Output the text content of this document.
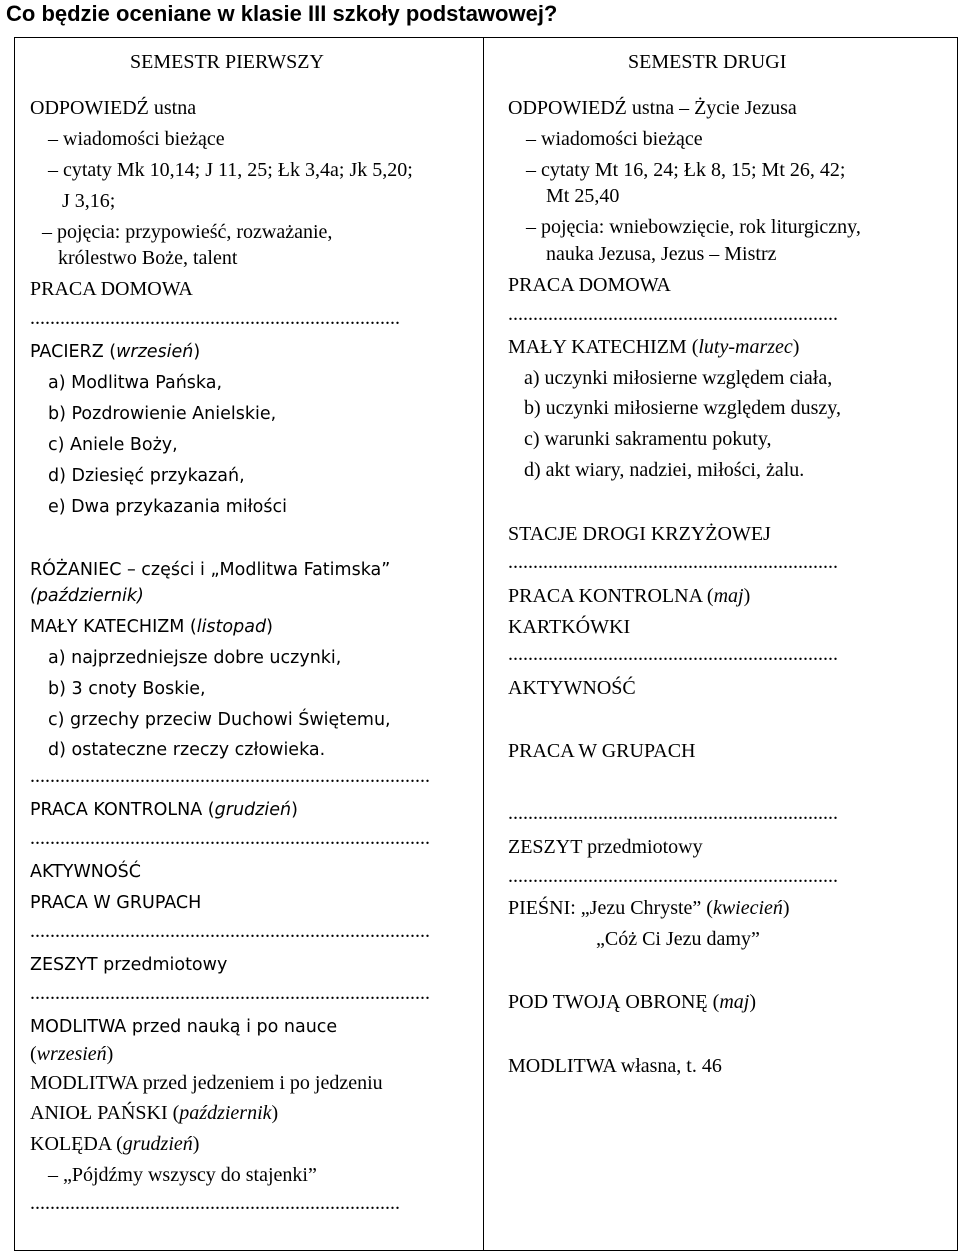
Co będzie oceniane w klasie III szkoły podstawowej?
SEMESTR PIERWSZY
ODPOWIEDŹ ustna
– wiadomości bieżące
– cytaty Mk 10,14; J 11, 25; Łk 3,4a; Jk 5,20;
J 3,16;
– pojęcia: przypowieść, rozważanie,
królestwo Boże, talent
PRACA DOMOWA
..........................................................................
PACIERZ (wrzesień)
a) Modlitwa Pańska,
b) Pozdrowienie Anielskie,
c) Aniele Boży,
d) Dziesięć przykazań,
e) Dwa przykazania miłości
RÓŻANIEC – części i „Modlitwa Fatimska”
(październik)
MAŁY KATECHIZM (listopad)
a) najprzedniejsze dobre uczynki,
b) 3 cnoty Boskie,
c) grzechy przeciw Duchowi Świętemu,
d) ostateczne rzeczy człowieka.
................................................................................
PRACA KONTROLNA (grudzień)
................................................................................
AKTYWNOŚĆ
PRACA W GRUPACH
................................................................................
ZESZYT przedmiotowy
................................................................................
MODLITWA przed nauką i po nauce
(wrzesień)
MODLITWA przed jedzeniem i po jedzeniu
ANIOŁ PAŃSKI (październik)
KOLĘDA (grudzień)
– „Pójdźmy wszyscy do stajenki”
..........................................................................
SEMESTR DRUGI
ODPOWIEDŹ ustna – Życie Jezusa
– wiadomości bieżące
– cytaty Mt 16, 24; Łk 8, 15; Mt 26, 42;
Mt 25,40
– pojęcia: wniebowzięcie, rok liturgiczny,
nauka Jezusa, Jezus – Mistrz
PRACA DOMOWA
..................................................................
MAŁY KATECHIZM (luty-marzec)
a) uczynki miłosierne względem ciała,
b) uczynki miłosierne względem duszy,
c) warunki sakramentu pokuty,
d) akt wiary, nadziei, miłości, żalu.
STACJE DROGI KRZYŻOWEJ
..................................................................
PRACA KONTROLNA (maj)
KARTKÓWKI
..................................................................
AKTYWNOŚĆ
PRACA W GRUPACH
..................................................................
ZESZYT przedmiotowy
..................................................................
PIEŚNI: „Jezu Chryste” (kwiecień)
„Cóż Ci Jezu damy”
POD TWOJĄ OBRONĘ (maj)
MODLITWA własna, t. 46
